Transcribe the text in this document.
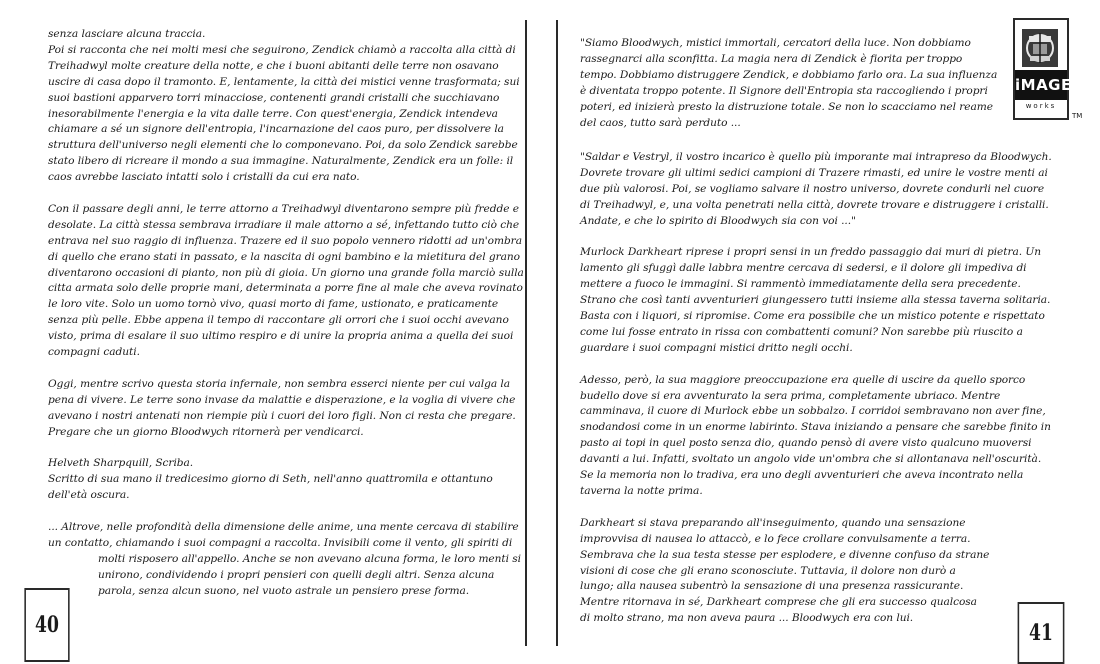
senza lasciare alcuna traccia.
Poi si racconta che nei molti mesi che seguirono, Zendick chiamò a raccolta alla città di Treihadwyl molte creature della notte, e che i buoni abitanti delle terre non osavano uscire di casa dopo il tramonto. E, lentamente, la città dei mistici venne trasformata; sui suoi bastioni apparvero torri minacciose, contenenti grandi cristalli che succhiavano inesorabilmente l'energia e la vita dalle terre. Con quest'energia, Zendick intendeva chiamare a sé un signore dell'entropia, l'incarnazione del caos puro, per dissolvere la struttura dell'universo negli elementi che lo componevano. Poi, da solo Zendick sarebbe stato libero di ricreare il mondo a sua immagine. Naturalmente, Zendick era un folle: il caos avrebbe lasciato intatti solo i cristalli da cui era nato.

Con il passare degli anni, le terre attorno a Treihadwyl diventarono sempre più fredde e desolate. La città stessa sembrava irradiare il male attorno a sé, infettando tutto ciò che entrava nel suo raggio di influenza. Trazere ed il suo popolo vennero ridotti ad un'ombra di quello che erano stati in passato, e la nascita di ogni bambino e la mietitura del grano diventarono occasioni di pianto, non più di gioia. Un giorno una grande folla marciò sulla citta armata solo delle proprie mani, determinata a porre fine al male che aveva rovinato le loro vite. Solo un uomo tornò vivo, quasi morto di fame, ustionato, e praticamente senza più pelle. Ebbe appena il tempo di raccontare gli orrori che i suoi occhi avevano visto, prima di esalare il suo ultimo respiro e di unire la propria anima a quella dei suoi compagni caduti.

Oggi, mentre scrivo questa storia infernale, non sembra esserci niente per cui valga la pena di vivere. Le terre sono invase da malattie e disperazione, e la voglia di vivere che avevano i nostri antenati non riempie più i cuori dei loro figli. Non ci resta che pregare. Pregare che un giorno Bloodwych ritornerà per vendicarci.

Helveth Sharpquill, Scriba.
Scritto di sua mano il tredicesimo giorno di Seth, nell'anno quattromila e ottantuno dell'età oscura.

... Altrove, nelle profondità della dimensione delle anime, una mente cercava di stabilire un contatto, chiamando i suoi compagni a raccolta. Invisibili come il vento, gli spiriti di

molti risposero all'appello. Anche se non avevano alcuna forma, le loro menti si unirono, condividendo i propri pensieri con quelli degli altri. Senza alcuna parola, senza alcun suono, nel vuoto astrale un pensiero prese forma.

40

"Siamo Bloodwych, mistici immortali, cercatori della luce. Non dobbiamo rassegnarci alla sconfitta. La magia nera di Zendick è fiorita per troppo tempo. Dobbiamo distruggere Zendick, e dobbiamo farlo ora. La sua influenza è diventata troppo potente. Il Signore dell'Entropia sta raccogliendo i propri poteri, ed inizierà presto la distruzione totale. Se non lo scacciamo nel reame del caos, tutto sarà perduto ...

"Saldar e Vestryl, il vostro incarico è quello più imporante mai intrapreso da Bloodwych. Dovrete trovare gli ultimi sedici campioni di Trazere rimasti, ed unire le vostre menti ai due più valorosi. Poi, se vogliamo salvare il nostro universo, dovrete condurli nel cuore di Treihadwyl, e, una volta penetrati nella città, dovrete trovare e distruggere i cristalli. Andate, e che lo spirito di Bloodwych sia con voi ..."

Murlock Darkheart riprese i propri sensi in un freddo passaggio dai muri di pietra. Un lamento gli sfuggì dalle labbra mentre cercava di sedersi, e il dolore gli impediva di mettere a fuoco le immagini. Si rammentò immediatamente della sera precedente. Strano che così tanti avventurieri giungessero tutti insieme alla stessa taverna solitaria. Basta con i liquori, si ripromise. Come era possibile che un mistico potente e rispettato come lui fosse entrato in rissa con combattenti comuni? Non sarebbe più riuscito a guardare i suoi compagni mistici dritto negli occhi.

Adesso, però, la sua maggiore preoccupazione era quelle di uscire da quello sporco budello dove si era avventurato la sera prima, completamente ubriaco. Mentre camminava, il cuore di Murlock ebbe un sobbalzo. I corridoi sembravano non aver fine, snodandosi come in un enorme labirinto. Stava iniziando a pensare che sarebbe finito in pasto ai topi in quel posto senza dio, quando pensò di avere visto qualcuno muoversi davanti a lui. Infatti, svoltato un angolo vide un'ombra che si allontanava nell'oscurità. Se la memoria non lo tradiva, era uno degli avventurieri che aveva incontrato nella taverna la notte prima.

Darkheart si stava preparando all'inseguimento, quando una sensazione improvvisa di nausea lo attaccò, e lo fece crollare convulsamente a terra. Sembrava che la sua testa stesse per esplodere, e divenne confuso da strane visioni di cose che gli erano sconosciute. Tuttavia, il dolore non durò a lungo; alla nausea subentrò la sensazione di una presenza rassicurante. Mentre ritornava in sé, Darkheart comprese che gli era successo qualcosa di molto strano, ma non aveva paura ... Bloodwych era con lui.

41
iMAGE
works
TM
